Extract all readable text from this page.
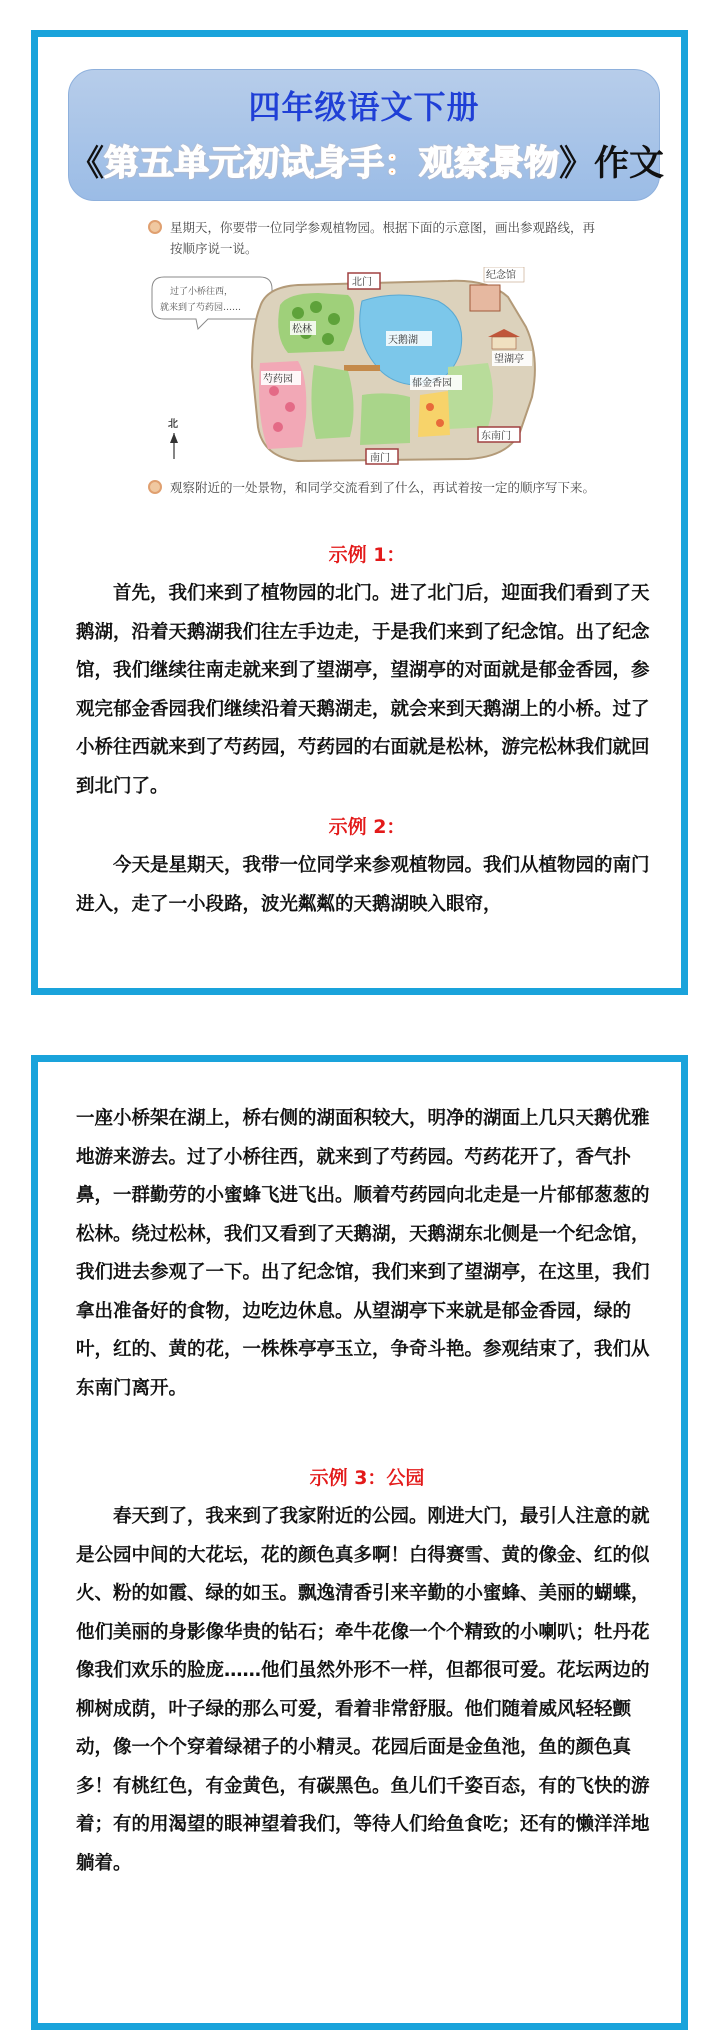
四年级语文下册
《第五单元初试身手：观察景物》作文
星期天，你要带一位同学参观植物园。根据下面的示意图，画出参观路线，再按顺序说一说。
过了小桥往西，
就来到了芍药园……
松林
芍药园
天鹅湖
北门
纪念馆
望湖亭
郁金香园
南门
东南门
北
观察附近的一处景物，和同学交流看到了什么，再试着按一定的顺序写下来。
示例 1：

首先，我们来到了植物园的北门。进了北门后，迎面我们看到了天鹅湖，沿着天鹅湖我们往左手边走，于是我们来到了纪念馆。出了纪念馆，我们继续往南走就来到了望湖亭，望湖亭的对面就是郁金香园，参观完郁金香园我们继续沿着天鹅湖走，就会来到天鹅湖上的小桥。过了小桥往西就来到了芍药园，芍药园的右面就是松林，游完松林我们就回到北门了。

示例 2：

今天是星期天，我带一位同学来参观植物园。我们从植物园的南门进入，走了一小段路，波光粼粼的天鹅湖映入眼帘，

一座小桥架在湖上，桥右侧的湖面积较大，明净的湖面上几只天鹅优雅地游来游去。过了小桥往西，就来到了芍药园。芍药花开了，香气扑鼻，一群勤劳的小蜜蜂飞进飞出。顺着芍药园向北走是一片郁郁葱葱的松林。绕过松林，我们又看到了天鹅湖，天鹅湖东北侧是一个纪念馆，我们进去参观了一下。出了纪念馆，我们来到了望湖亭，在这里，我们拿出准备好的食物，边吃边休息。从望湖亭下来就是郁金香园，绿的叶，红的、黄的花，一株株亭亭玉立，争奇斗艳。参观结束了，我们从东南门离开。

示例 3：公园

春天到了，我来到了我家附近的公园。刚进大门，最引人注意的就是公园中间的大花坛，花的颜色真多啊！白得赛雪、黄的像金、红的似火、粉的如霞、绿的如玉。飘逸清香引来辛勤的小蜜蜂、美丽的蝴蝶，他们美丽的身影像华贵的钻石；牵牛花像一个个精致的小喇叭；牡丹花像我们欢乐的脸庞……他们虽然外形不一样，但都很可爱。花坛两边的柳树成荫，叶子绿的那么可爱，看着非常舒服。他们随着威风轻轻颤动，像一个个穿着绿裙子的小精灵。花园后面是金鱼池，鱼的颜色真多！有桃红色，有金黄色，有碳黑色。鱼儿们千姿百态，有的飞快的游着；有的用渴望的眼神望着我们，等待人们给鱼食吃；还有的懒洋洋地躺着。
